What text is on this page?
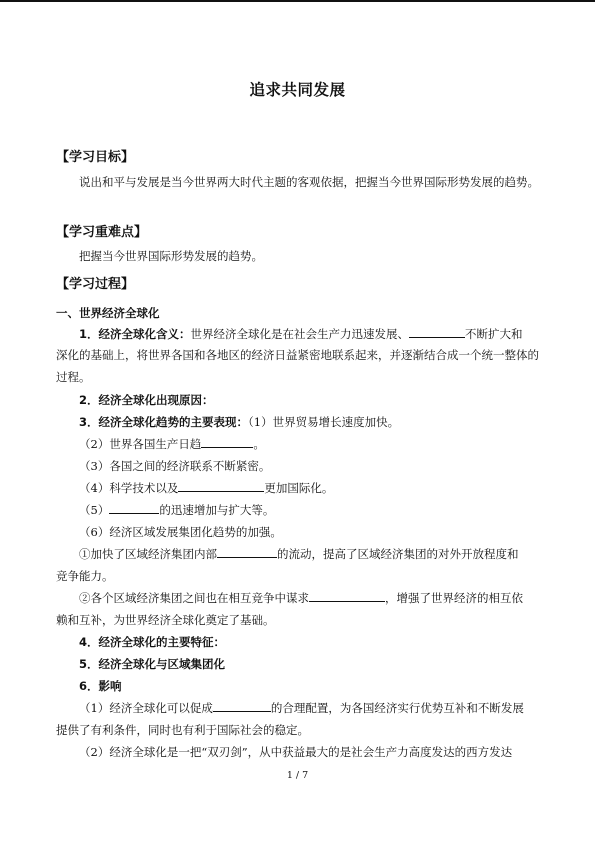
追求共同发展
【学习目标】
说出和平与发展是当今世界两大时代主题的客观依据，把握当今世界国际形势发展的趋势。
【学习重难点】
把握当今世界国际形势发展的趋势。
【学习过程】
一、世界经济全球化
1．经济全球化含义：世界经济全球化是在社会生产力迅速发展、	不断扩大和
深化的基础上，将世界各国和各地区的经济日益紧密地联系起来，并逐渐结合成一个统一整体的过程。
2．经济全球化出现原因：
3．经济全球化趋势的主要表现：（1）世界贸易增长速度加快。
（2）世界各国生产日趋	。
（3）各国之间的经济联系不断紧密。
（4）科学技术以及	更加国际化。
（5）	的迅速增加与扩大等。
（6）经济区域发展集团化趋势的加强。
①加快了区域经济集团内部	的流动，提高了区域经济集团的对外开放程度和
竞争能力。
②各个区域经济集团之间也在相互竞争中谋求	，增强了世界经济的相互依
赖和互补，为世界经济全球化奠定了基础。
4．经济全球化的主要特征：
5．经济全球化与区域集团化
6．影响
（1）经济全球化可以促成	的合理配置，为各国经济实行优势互补和不断发展
提供了有利条件，同时也有利于国际社会的稳定。
（2）经济全球化是一把“双刃剑”，从中获益最大的是社会生产力高度发达的西方发达
1 / 7
